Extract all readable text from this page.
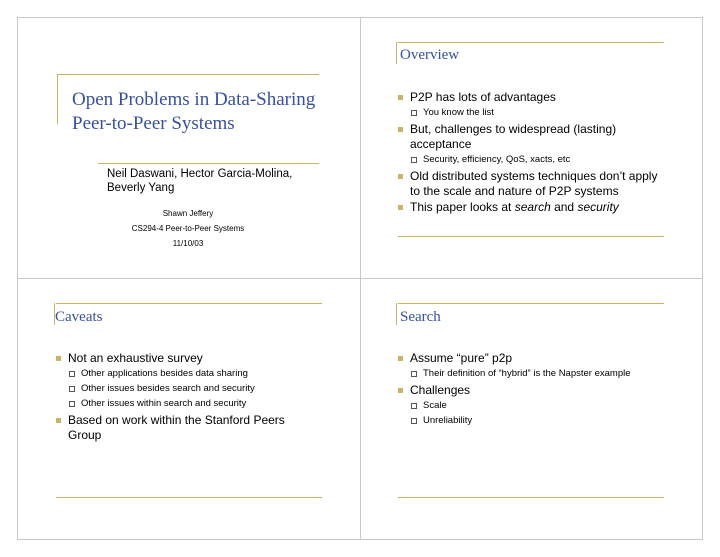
Open Problems in Data-Sharing Peer-to-Peer Systems
Neil Daswani, Hector Garcia-Molina, Beverly Yang
Shawn Jeffery
CS294-4 Peer-to-Peer Systems
11/10/03
Overview
P2P has lots of advantages
You know the list
But, challenges to widespread (lasting) acceptance
Security, efficiency, QoS, xacts, etc
Old distributed systems techniques don’t apply to the scale and nature of P2P systems
This paper looks at search and security
Caveats
Not an exhaustive survey
Other applications besides data sharing
Other issues besides search and security
Other issues within search and security
Based on work within the Stanford Peers Group
Search
Assume “pure” p2p
Their definition of “hybrid” is the Napster example
Challenges
Scale
Unreliability
